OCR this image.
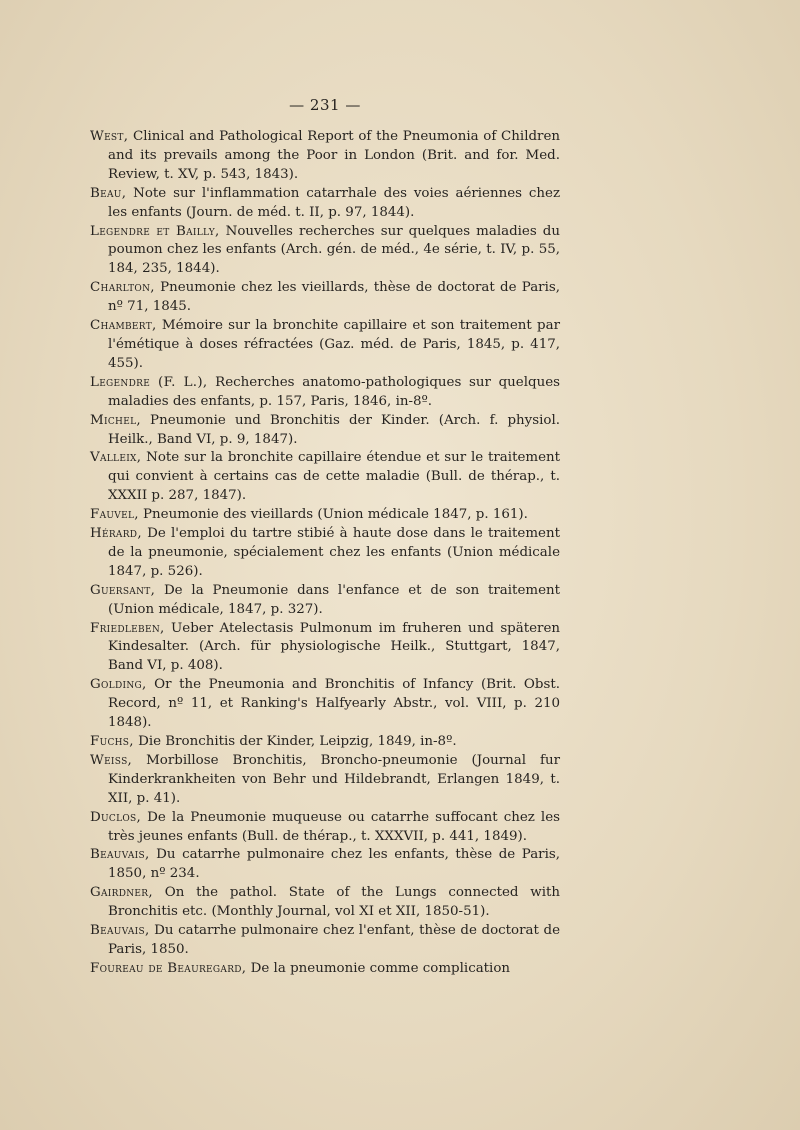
— 231 —
West, Clinical and Pathological Report of the Pneumonia of Children and its prevails among the Poor in London (Brit. and for. Med. Review, t. XV, p. 543, 1843).
Beau, Note sur l'inflammation catarrhale des voies aériennes chez les enfants (Journ. de méd. t. II, p. 97, 1844).
Legendre et Bailly, Nouvelles recherches sur quelques maladies du poumon chez les enfants (Arch. gén. de méd., 4e série, t. IV, p. 55, 184, 235, 1844).
Charlton, Pneumonie chez les vieillards, thèse de doctorat de Paris, nº 71, 1845.
Chambert, Mémoire sur la bronchite capillaire et son traitement par l'émétique à doses réfractées (Gaz. méd. de Paris, 1845, p. 417, 455).
Legendre (F. L.), Recherches anatomo-pathologiques sur quelques maladies des enfants, p. 157, Paris, 1846, in-8º.
Michel, Pneumonie und Bronchitis der Kinder. (Arch. f. physiol. Heilk., Band VI, p. 9, 1847).
Valleix, Note sur la bronchite capillaire étendue et sur le traitement qui convient à certains cas de cette maladie (Bull. de thérap., t. XXXII p. 287, 1847).
Fauvel, Pneumonie des vieillards (Union médicale 1847, p. 161).
Hérard, De l'emploi du tartre stibié à haute dose dans le traitement de la pneumonie, spécialement chez les enfants (Union médicale 1847, p. 526).
Guersant, De la Pneumonie dans l'enfance et de son traitement (Union médicale, 1847, p. 327).
Friedleben, Ueber Atelectasis Pulmonum im fruheren und späteren Kindesalter. (Arch. für physiologische Heilk., Stuttgart, 1847, Band VI, p. 408).
Golding, Or the Pneumonia and Bronchitis of Infancy (Brit. Obst. Record, nº 11, et Ranking's Halfyearly Abstr., vol. VIII, p. 210 1848).
Fuchs, Die Bronchitis der Kinder, Leipzig, 1849, in-8º.
Weiss, Morbillose Bronchitis, Broncho-pneumonie (Journal fur Kinderkrankheiten von Behr und Hildebrandt, Erlangen 1849, t. XII, p. 41).
Duclos, De la Pneumonie muqueuse ou catarrhe suffocant chez les très jeunes enfants (Bull. de thérap., t. XXXVII, p. 441, 1849).
Beauvais, Du catarrhe pulmonaire chez les enfants, thèse de Paris, 1850, nº 234.
Gairdner, On the pathol. State of the Lungs connected with Bronchitis etc. (Monthly Journal, vol XI et XII, 1850-51).
Beauvais, Du catarrhe pulmonaire chez l'enfant, thèse de doctorat de Paris, 1850.
Foureau de Beauregard, De la pneumonie comme complication
